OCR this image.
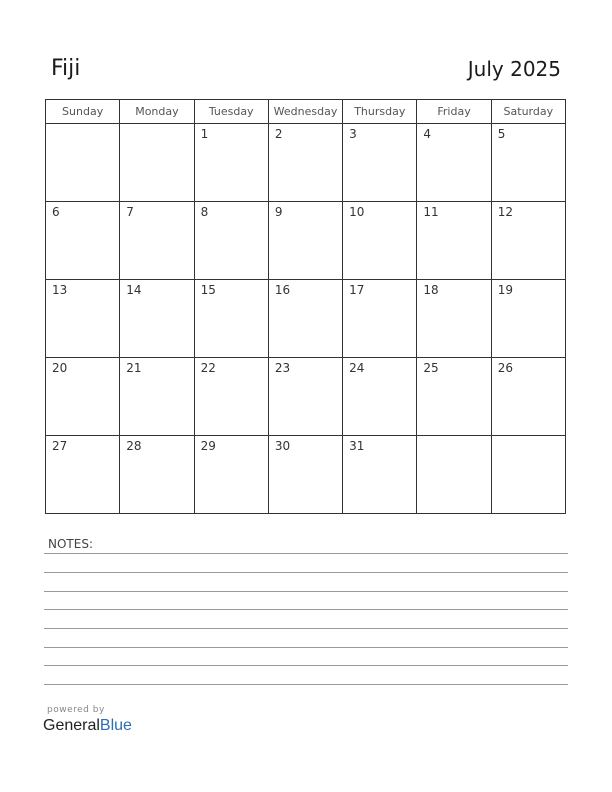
Fiji	July 2025
Sunday	Monday	Tuesday	Wednesday	Thursday	Friday	Saturday

		1	2	3	4	5

6	7	8	9	10	11	12

13	14	15	16	17	18	19

20	21	22	23	24	25	26

27	28	29	30	31		

NOTES:
powered by
GeneralBlue
